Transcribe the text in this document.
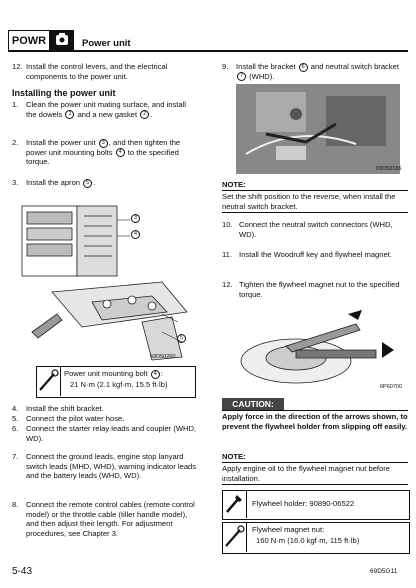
POWR	Power unit
12. Install the control levers, and the electrical components to the power unit.
Installing the power unit
1. Clean the power unit mating surface, and install the dowels 1 and a new gasket 2 .
2. Install the power unit 3 , and then tighten the power unit mounting bolts 4 to the specified torque.
3. Install the apron 5 .
3
4
5
69D50260
Power unit mounting bolt 4 :
21 N·m (2.1 kgf·m, 15.5 ft·lb)
4. Install the shift bracket.
5. Connect the pilot water hose.
6. Connect the starter relay leads and coupler (WHD, WD).
7. Connect the ground leads, engine stop lanyard switch leads (MHD, WHD), warning indicator leads and the battery leads (WHD, WD).
8. Connect the remote control cables (remote control model) or the throttle cable (tiller handle model), and then adjust their length. For adjustment procedures, see Chapter 3.
9. Install the bracket 6 and neutral switch bracket 7 (WHD).
69D50186
NOTE:
Set the shift position to the reverse, when install the neutral switch bracket.
10. Connect the neutral switch connectors (WHD, WD).
11. Install the Woodruff key and flywheel magnet.
12. Tighten the flywheel magnet nut to the specified torque.
6P60700
CAUTION:
Apply force in the direction of the arrows shown, to prevent the flywheel holder from slipping off easily.
NOTE:
Apply engine oil to the flywheel magnet nut before installation.
Flywheel holder: 90890-06522
Flywheel magnet nut:
160 N·m (16.0 kgf·m, 115 ft·lb)
5-43	69D5G11
